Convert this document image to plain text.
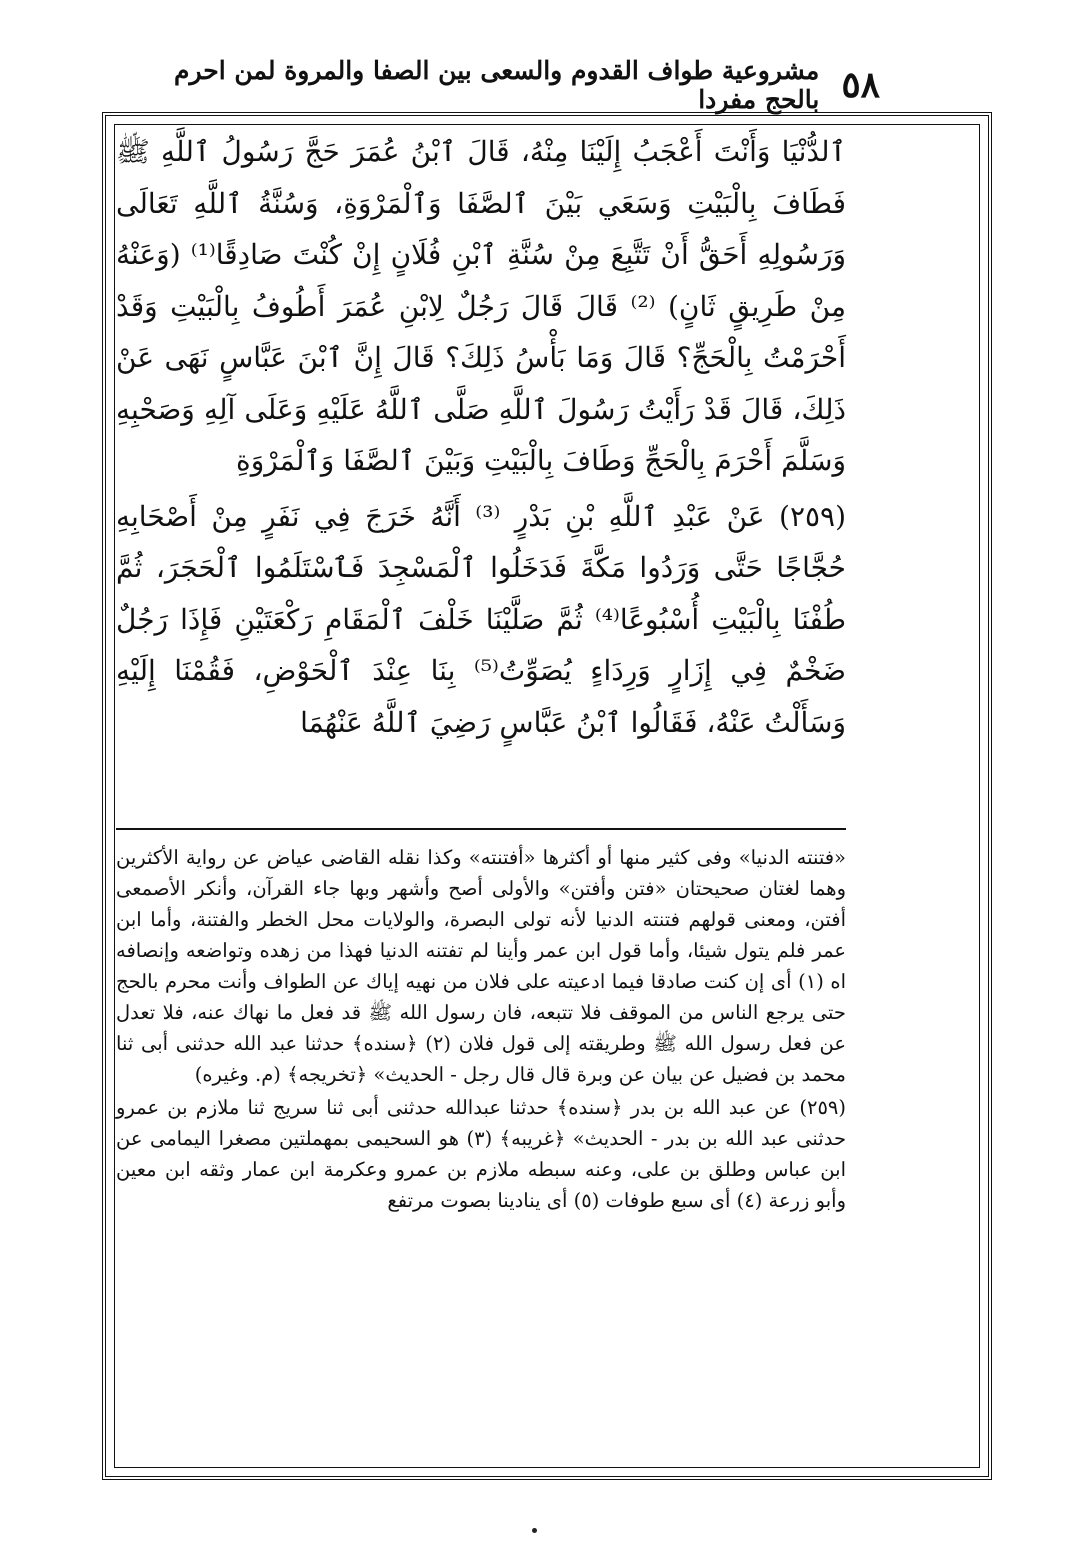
٥٨
مشروعية طواف القدوم والسعى بين الصفا والمروة لمن احرم بالحج مفردا

ٱلدُّنْيَا وَأَنْتَ أَعْجَبُ إِلَيْنَا مِنْهُ، قَالَ ٱبْنُ عُمَرَ حَجَّ رَسُولُ ٱللَّهِ ﷺ فَطَافَ بِالْبَيْتِ وَسَعَي بَيْنَ ٱلصَّفَا وَٱلْمَرْوَةِ، وَسُنَّةُ ٱللَّهِ تَعَالَى وَرَسُولِهِ أَحَقُّ أَنْ تَتَّبِعَ مِنْ سُنَّةِ ٱبْنِ فُلَانٍ إِنْ كُنْتَ صَادِقًا⁽¹⁾ (وَعَنْهُ مِنْ طَرِيقٍ ثَانٍ) ⁽²⁾ قَالَ قَالَ رَجُلٌ لِابْنِ عُمَرَ أَطُوفُ بِالْبَيْتِ وَقَدْ أَحْرَمْتُ بِالْحَجِّ؟ قَالَ وَمَا بَأْسُ ذَلِكَ؟ قَالَ إِنَّ ٱبْنَ عَبَّاسٍ نَهَى عَنْ ذَلِكَ، قَالَ قَدْ رَأَيْتُ رَسُولَ ٱللَّهِ صَلَّى ٱللَّهُ عَلَيْهِ وَعَلَى آلِهِ وَصَحْبِهِ وَسَلَّمَ أَحْرَمَ بِالْحَجِّ وَطَافَ بِالْبَيْتِ وَبَيْنَ ٱلصَّفَا وَٱلْمَرْوَةِ

(٢٥٩) عَنْ عَبْدِ ٱللَّهِ بْنِ بَدْرٍ ⁽³⁾ أَنَّهُ خَرَجَ فِي نَفَرٍ مِنْ أَصْحَابِهِ حُجَّاجًا حَتَّى وَرَدُوا مَكَّةَ فَدَخَلُوا ٱلْمَسْجِدَ فَٱسْتَلَمُوا ٱلْحَجَرَ، ثُمَّ طُفْنَا بِالْبَيْتِ أُسْبُوعًا⁽⁴⁾ ثُمَّ صَلَّيْنَا خَلْفَ ٱلْمَقَامِ رَكْعَتَيْنِ فَإِذَا رَجُلٌ ضَخْمٌ فِي إِزَارٍ وَرِدَاءٍ يُصَوِّتُ⁽⁵⁾ بِنَا عِنْدَ ٱلْحَوْضِ، فَقُمْنَا إِلَيْهِ وَسَأَلْتُ عَنْهُ، فَقَالُوا ٱبْنُ عَبَّاسٍ رَضِيَ ٱللَّهُ عَنْهُمَا

«فتنته الدنيا» وفى كثير منها أو أكثرها «أفتنته» وكذا نقله القاضى عياض عن رواية الأكثرين وهما لغتان صحيحتان «فتن وأفتن» والأولى أصح وأشهر وبها جاء القرآن، وأنكر الأصمعى أفتن، ومعنى قولهم فتنته الدنيا لأنه تولى البصرة، والولايات محل الخطر والفتنة، وأما ابن عمر فلم يتول شيئا، وأما قول ابن عمر وأينا لم تفتنه الدنيا فهذا من زهده وتواضعه وإنصافه اه (١) أى إن كنت صادقا فيما ادعيته على فلان من نهيه إياك عن الطواف وأنت محرم بالحج حتى يرجع الناس من الموقف فلا تتبعه، فان رسول الله ﷺ قد فعل ما نهاك عنه، فلا تعدل عن فعل رسول الله ﷺ وطريقته إلى قول فلان (٢) ﴿سنده﴾ حدثنا عبد الله حدثنى أبى ثنا محمد بن فضيل عن بيان عن وبرة قال قال رجل - الحديث» ﴿تخريجه﴾ (م. وغيره)

(٢٥٩) عن عبد الله بن بدر ﴿سنده﴾ حدثنا عبدالله حدثنى أبى ثنا سريج ثنا ملازم بن عمرو حدثنى عبد الله بن بدر - الحديث» ﴿غريبه﴾ (٣) هو السحيمى بمهملتين مصغرا اليمامى عن ابن عباس وطلق بن على، وعنه سبطه ملازم بن عمرو وعكرمة ابن عمار وثقه ابن معين وأبو زرعة (٤) أى سبع طوفات (٥) أى ينادينا بصوت مرتفع
